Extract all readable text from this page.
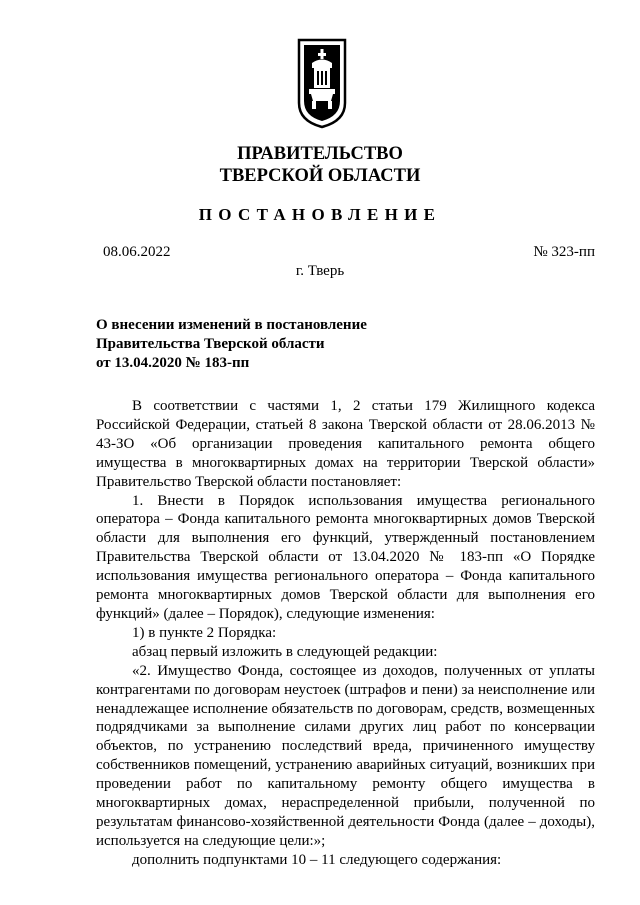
ПРАВИТЕЛЬСТВО
ТВЕРСКОЙ ОБЛАСТИ
ПОСТАНОВЛЕНИЕ
08.06.2022	№ 323-пп
г. Тверь
О внесении изменений в постановление
Правительства Тверской области
от 13.04.2020 № 183-пп

В соответствии с частями 1, 2 статьи 179 Жилищного кодекса Российской Федерации, статьей 8 закона Тверской области от 28.06.2013 № 43-ЗО «Об организации проведения капитального ремонта общего имущества в многоквартирных домах на территории Тверской области» Правительство Тверской области постановляет:

1. Внести в Порядок использования имущества регионального оператора – Фонда капитального ремонта многоквартирных домов Тверской области для выполнения его функций, утвержденный постановлением Правительства Тверской области от 13.04.2020 № 183-пп «О Порядке использования имущества регионального оператора – Фонда капитального ремонта многоквартирных домов Тверской области для выполнения его функций» (далее – Порядок), следующие изменения:

1) в пункте 2 Порядка:

абзац первый изложить в следующей редакции:

«2. Имущество Фонда, состоящее из доходов, полученных от уплаты контрагентами по договорам неустоек (штрафов и пени) за неисполнение или ненадлежащее исполнение обязательств по договорам, средств, возмещенных подрядчиками за выполнение силами других лиц работ по консервации объектов, по устранению последствий вреда, причиненного имуществу собственников помещений, устранению аварийных ситуаций, возникших при проведении работ по капитальному ремонту общего имущества в многоквартирных домах, нераспределенной прибыли, полученной по результатам финансово-хозяйственной деятельности Фонда (далее – доходы), используется на следующие цели:»;

дополнить подпунктами 10 – 11 следующего содержания:
